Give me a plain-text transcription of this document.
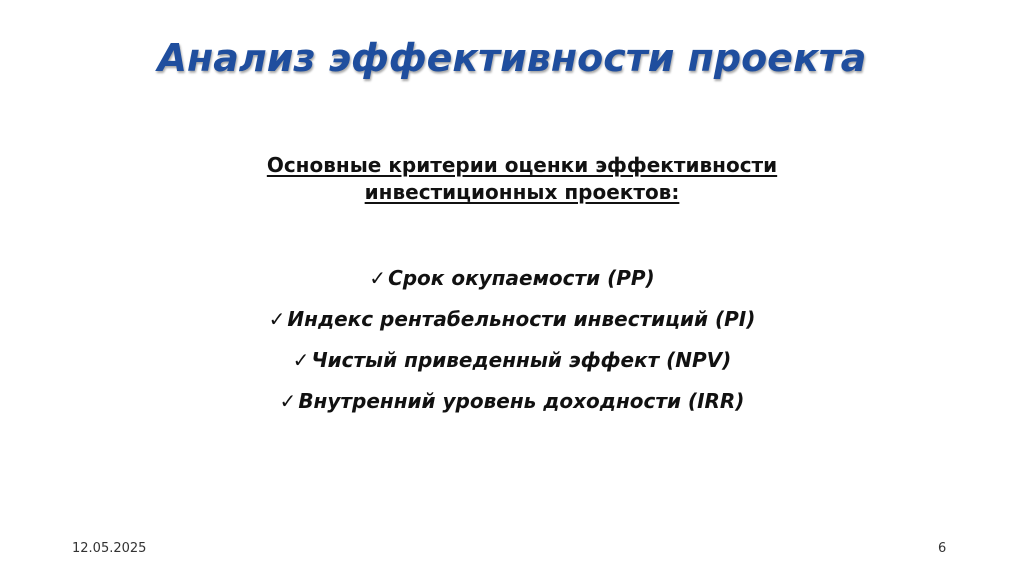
Анализ эффективности проекта
Основные критерии оценки эффективности
инвестиционных проектов:
✓ Срок окупаемости (PP)
✓ Индекс рентабельности инвестиций (PI)
✓ Чистый приведенный эффект (NPV)
✓ Внутренний уровень доходности (IRR)
12.05.2025	6
